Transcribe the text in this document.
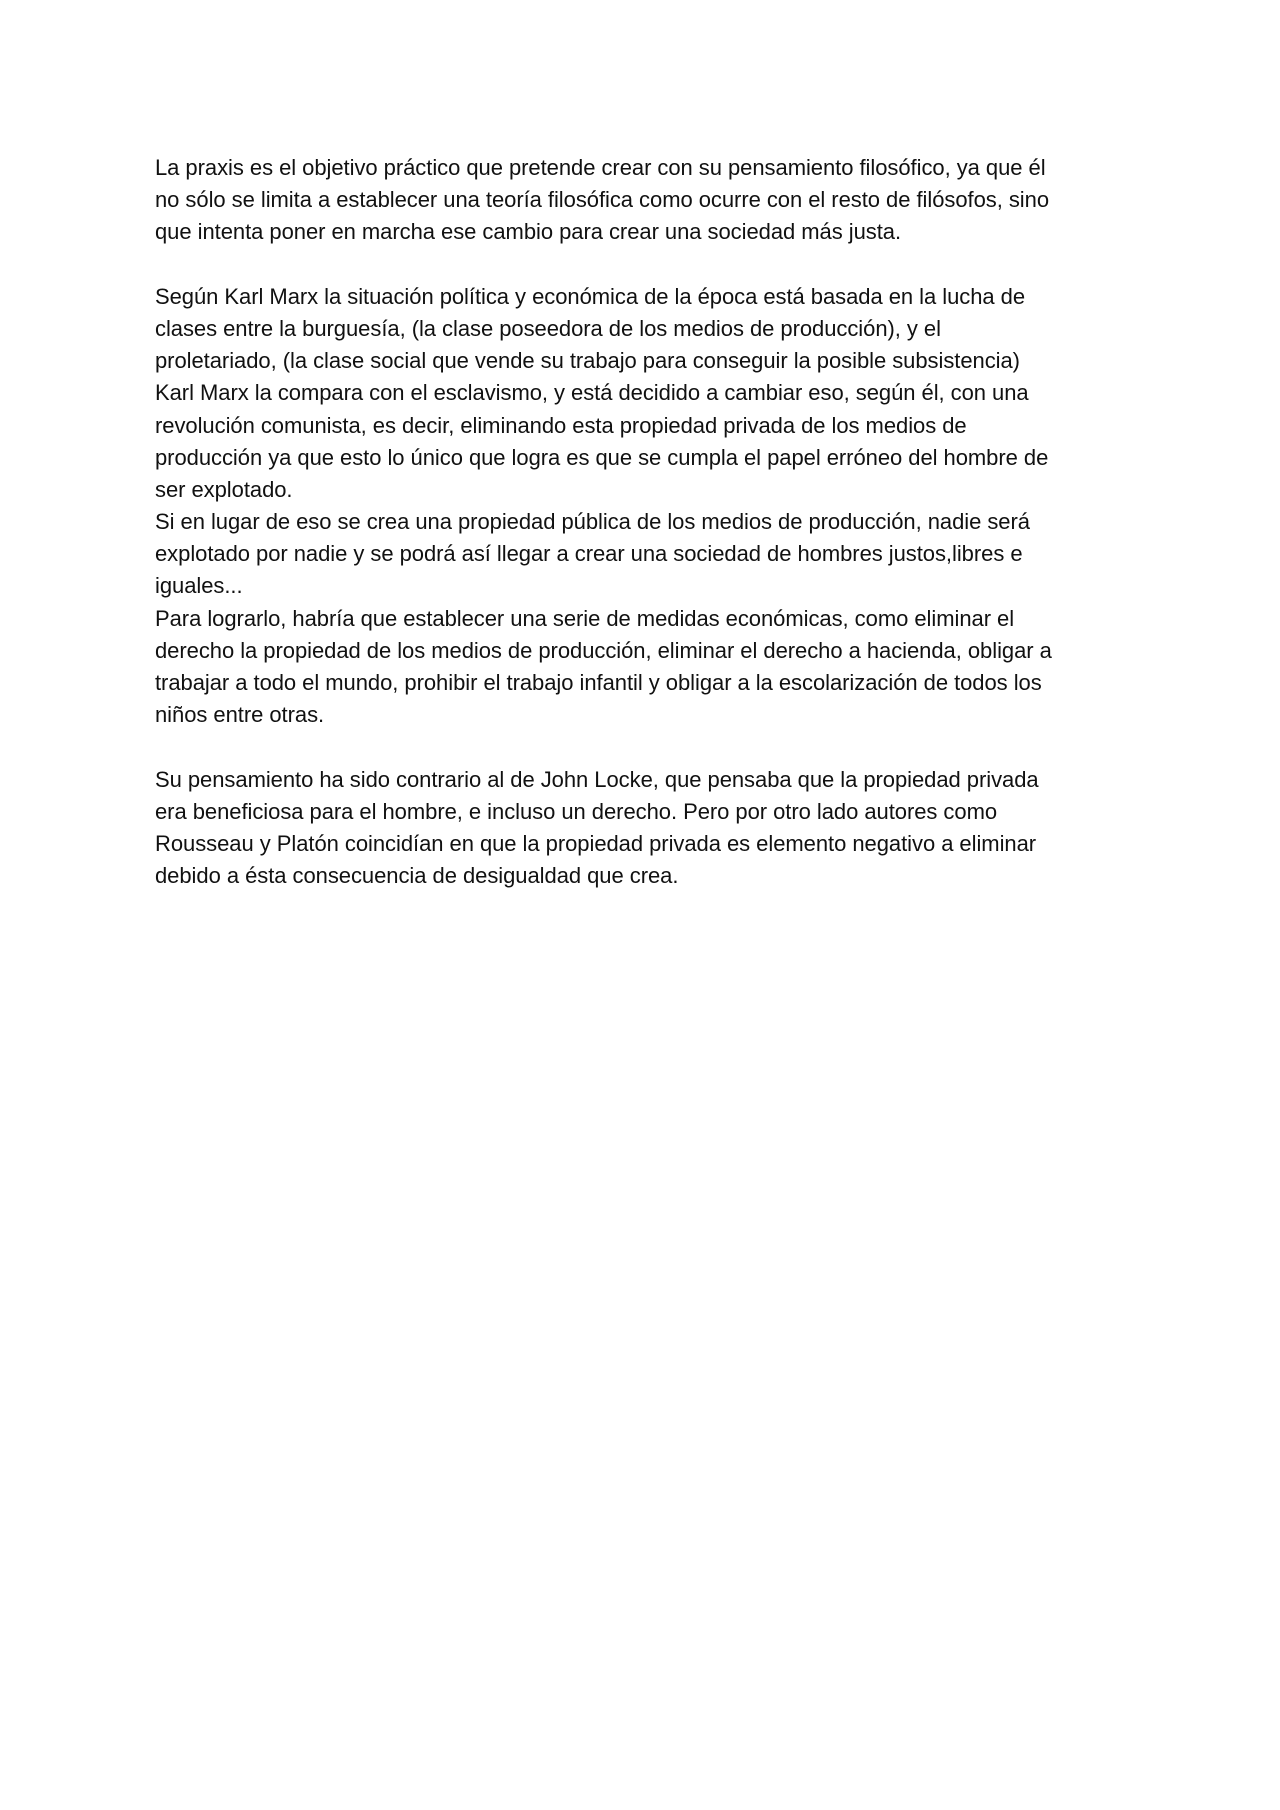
La praxis es el objetivo práctico que pretende crear con su pensamiento filosófico, ya que él
no sólo se limita a establecer una teoría filosófica como ocurre con el resto de filósofos, sino
que intenta poner en marcha ese cambio para crear una sociedad más justa.
Según Karl Marx la situación política y económica de la época está basada en la lucha de
clases entre la burguesía, (la clase poseedora de los medios de producción), y el
proletariado, (la clase social que vende su trabajo para conseguir la posible subsistencia)
Karl Marx la compara con el esclavismo, y está decidido a cambiar eso, según él, con una
revolución comunista, es decir, eliminando esta propiedad privada de los medios de
producción ya que esto lo único que logra es que se cumpla el papel erróneo del hombre de
ser explotado.
Si en lugar de eso se crea una propiedad pública de los medios de producción, nadie será
explotado por nadie y se podrá así llegar a crear una sociedad de hombres justos,libres e
iguales...
Para lograrlo, habría que establecer una serie de medidas económicas, como eliminar el
derecho la propiedad de los medios de producción, eliminar el derecho a hacienda, obligar a
trabajar a todo el mundo, prohibir el trabajo infantil y obligar a la escolarización de todos los
niños entre otras.
Su pensamiento ha sido contrario al de John Locke, que pensaba que la propiedad privada
era beneficiosa para el hombre, e incluso un derecho. Pero por otro lado autores como
Rousseau y Platón coincidían en que la propiedad privada es elemento negativo a eliminar
debido a ésta consecuencia de desigualdad que crea.
